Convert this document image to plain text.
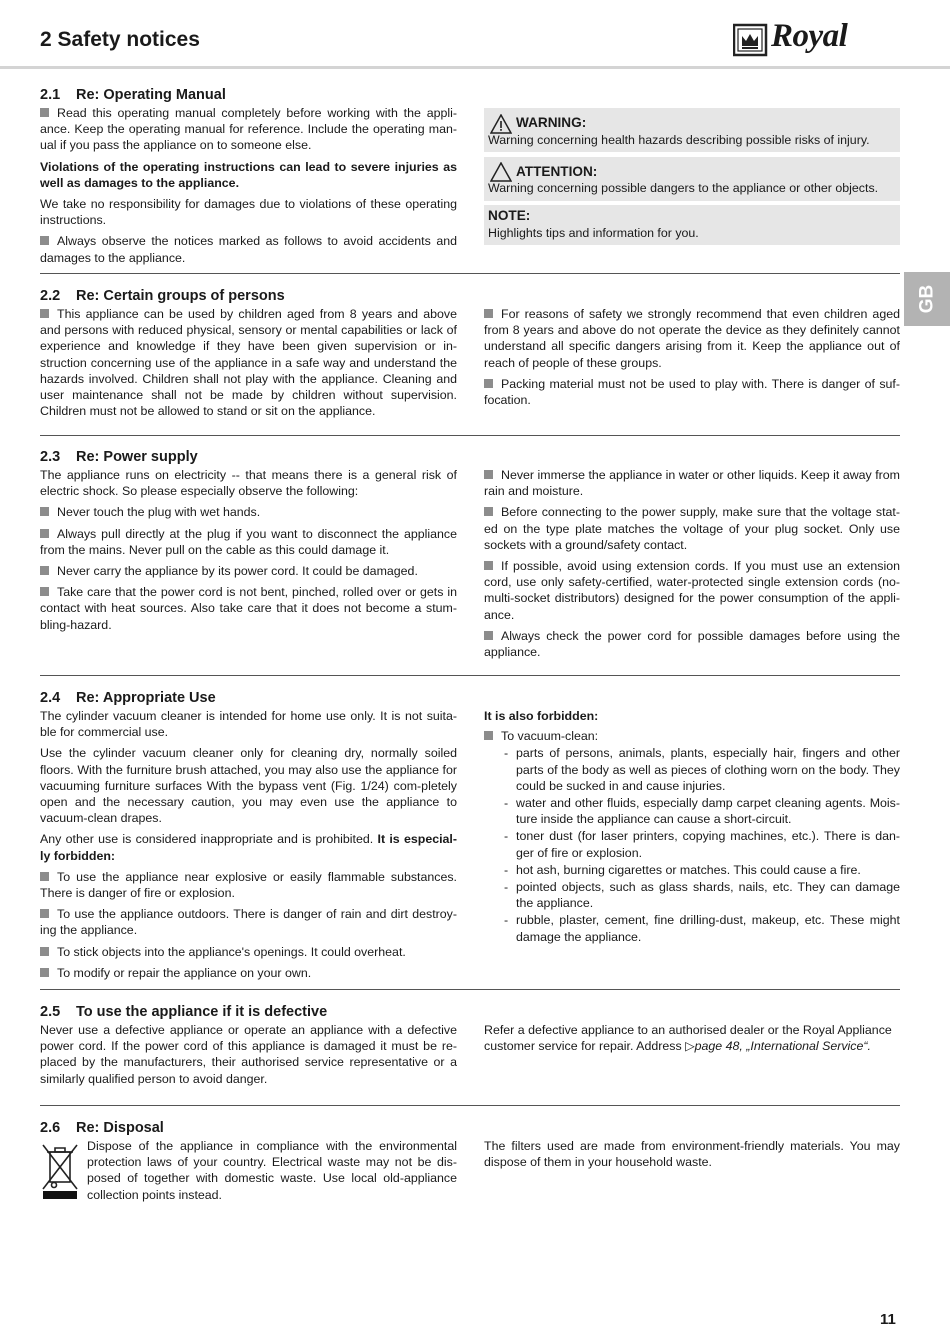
2 Safety notices	Royal
GB
2.1 Re: Operating Manual

Read this operating manual completely before working with the appli-ance. Keep the operating manual for reference. Include the operating man-ual if you pass the appliance on to someone else.

Violations of the operating instructions can lead to severe injuries as well as damages to the appliance.

We take no responsibility for damages due to violations of these operating instructions.

Always observe the notices marked as follows to avoid accidents and damages to the appliance.

WARNING:
Warning concerning health hazards describing possible risks of injury.
ATTENTION:
Warning concerning possible dangers to the appliance or other objects.
NOTE:
Highlights tips and information for you.
2.2 Re: Certain groups of persons

This appliance can be used by children aged from 8 years and above and persons with reduced physical, sensory or mental capabilities or lack of experience and knowledge if they have been given supervision or in-struction concerning use of the appliance in a safe way and understand the hazards involved. Children shall not play with the appliance. Cleaning and user maintenance shall not be made by children without supervision. Children must not be allowed to stand or sit on the appliance.

For reasons of safety we strongly recommend that even children aged from 8 years and above do not operate the device as they definitely cannot understand all specific dangers arising from it. Keep the appliance out of reach of people of these groups.

Packing material must not be used to play with. There is danger of suf-focation.

2.3 Re: Power supply

The appliance runs on electricity -- that means there is a general risk of electric shock. So please especially observe the following:

Never touch the plug with wet hands.

Always pull directly at the plug if you want to disconnect the appliance from the mains. Never pull on the cable as this could damage it.

Never carry the appliance by its power cord. It could be damaged.

Take care that the power cord is not bent, pinched, rolled over or gets in contact with heat sources. Also take care that it does not become a stum-bling-hazard.

Never immerse the appliance in water or other liquids. Keep it away from rain and moisture.

Before connecting to the power supply, make sure that the voltage stat-ed on the type plate matches the voltage of your plug socket. Only use sockets with a ground/safety contact.

If possible, avoid using extension cords. If you must use an extension cord, use only safety-certified, water-protected single extension cords (no-multi-socket distributors) designed for the power consumption of the appli-ance.

Always check the power cord for possible damages before using the appliance.

2.4 Re: Appropriate Use

The cylinder vacuum cleaner is intended for home use only. It is not suita-ble for commercial use.

Use the cylinder vacuum cleaner only for cleaning dry, normally soiled floors. With the furniture brush attached, you may also use the appliance for vacuuming furniture surfaces With the bypass vent (Fig. 1/24) com-pletely open and the necessary caution, you may even use the appliance to vacuum-clean drapes.

Any other use is considered inappropriate and is prohibited. It is especial-ly forbidden:

To use the appliance near explosive or easily flammable substances. There is danger of fire or explosion.

To use the appliance outdoors. There is danger of rain and dirt destroy-ing the appliance.

To stick objects into the appliance's openings. It could overheat.

To modify or repair the appliance on your own.

It is also forbidden:

To vacuum-clean:

- parts of persons, animals, plants, especially hair, fingers and other parts of the body as well as pieces of clothing worn on the body. They could be sucked in and cause injuries.
- water and other fluids, especially damp carpet cleaning agents. Mois-ture inside the appliance can cause a short-circuit.
- toner dust (for laser printers, copying machines, etc.). There is dan-ger of fire or explosion.
- hot ash, burning cigarettes or matches. This could cause a fire.
- pointed objects, such as glass shards, nails, etc. They can damage the appliance.
- rubble, plaster, cement, fine drilling-dust, makeup, etc. These might damage the appliance.
2.5 To use the appliance if it is defective

Never use a defective appliance or operate an appliance with a defective power cord. If the power cord of this appliance is damaged it must be re-placed by the manufacturers, their authorised service representative or a similarly qualified person to avoid danger.

Refer a defective appliance to an authorised dealer or the Royal Appliance customer service for repair. Address ▷page 48, „International Service“.

2.6 Re: Disposal

Dispose of the appliance in compliance with the environmental protection laws of your country. Electrical waste may not be dis-posed of together with domestic waste. Use local old-appliance collection points instead.

The filters used are made from environment-friendly materials. You may dispose of them in your household waste.

11
